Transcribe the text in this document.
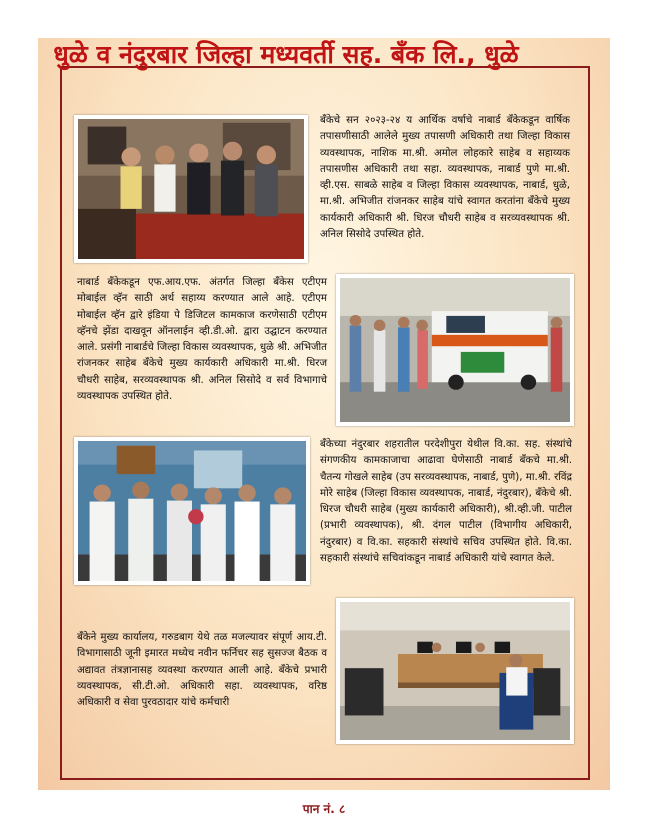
धुळे व नंदुरबार जिल्हा मध्यवर्ती सह. बँक लि., धुळे
बँकेचे सन २०२३-२४ य आर्थिक वर्षाचे नाबार्ड बँकेकडून वार्षिक तपासणीसाठी आलेले मुख्य तपासणी अधिकारी तथा जिल्हा विकास व्यवस्थापक, नाशिक मा.श्री. अमोल लोहकारे साहेब व सहाय्यक तपासणीस अधिकारी तथा सहा. व्यवस्थापक, नाबार्ड पुणे मा.श्री. व्ही.एस. साबळे साहेब व जिल्हा विकास व्यवस्थापक, नाबार्ड, धुळे, मा.श्री. अभिजीत रांजनकर साहेब यांचे स्वागत करतांना बँकेचे मुख्य कार्यकारी अधिकारी श्री. धिरज चौधरी साहेब व सरव्यवस्थापक श्री. अनिल सिसोदे उपस्थित होते.
नाबार्ड बँकेकडून एफ.आय.एफ. अंतर्गत जिल्हा बँकेस एटीएम मोबाईल व्हॅन साठी अर्थ सहाय्य करण्यात आले आहे. एटीएम मोबाईल व्हॅन द्वारे इंडिया पे डिजिटल कामकाज करणेसाठी एटीएम व्हॅनचे झेंडा दाखवून ऑनलाईन व्ही.डी.ओ. द्वारा उद्घाटन करण्यात आले. प्रसंगी नाबार्डचे जिल्हा विकास व्यवस्थापक, धुळे श्री. अभिजीत रांजनकर साहेब बँकेचे मुख्य कार्यकारी अधिकारी मा.श्री. धिरज चौधरी साहेब, सरव्यवस्थापक श्री. अनिल सिसोदे व सर्व विभागाचे व्यवस्थापक उपस्थित होते.
बँकेच्या नंदुरबार शहरातील परदेशीपुरा येथील वि.का. सह. संस्थांचे संगणकीय कामकाजाचा आढावा घेणेसाठी नाबार्ड बँकचे मा.श्री. चैतन्य गोखले साहेब (उप सरव्यवस्थापक, नाबार्ड, पुणे), मा.श्री. रविंद्र मोरे साहेब (जिल्हा विकास व्यवस्थापक, नाबार्ड, नंदुरबार), बँकेचे श्री. धिरज चौधरी साहेब (मुख्य कार्यकारी अधिकारी), श्री.व्ही.जी. पाटील (प्रभारी व्यवस्थापक), श्री. दंगल पाटील (विभागीय अधिकारी, नंदुरबार) व वि.का. सहकारी संस्थांचे सचिव उपस्थित होते. वि.का. सहकारी संस्थांचे सचिवांकडून नाबार्ड अधिकारी यांचे स्वागत केले.
बँकेने मुख्य कार्यालय, गरुडबाग येथे तळ मजल्यावर संपूर्ण आय.टी. विभागासाठी जूनी इमारत मध्येच नवीन फर्निचर सह सुसज्ज बैठक व अद्यावत तंत्रज्ञानासह व्यवस्था करण्यात आली आहे. बँकेचे प्रभारी व्यवस्थापक, सी.टी.ओ. अधिकारी सहा. व्यवस्थापक, वरिष्ठ अधिकारी व सेवा पुरवठादार यांचे कर्मचारी
पान नं. ८
